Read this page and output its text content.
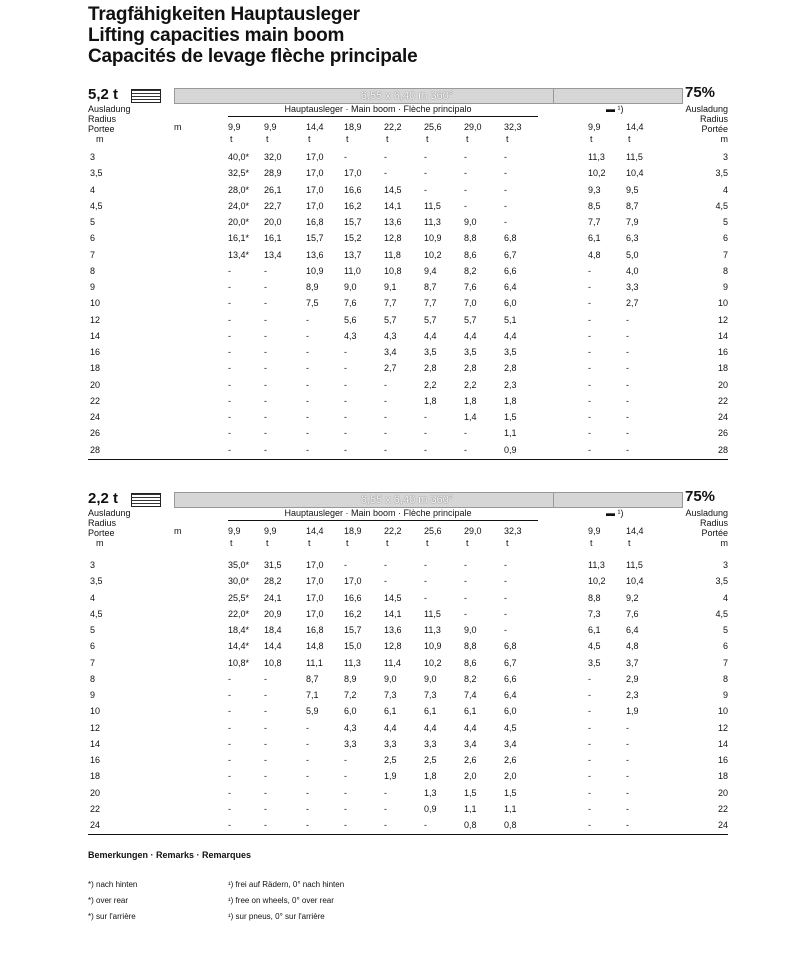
Tragfähigkeiten Hauptausleger
Lifting capacities main boom
Capacités de levage flèche principale
5,2 t	6,55 x 6,40 m 360°	75%
▬ ¹)
Ausladung
Radius
Portee
m
Ausladung
Radius
Portée
m
Hauptausleger · Main boom · Flèche principalo
m	9,9
t
9,9
t
14,4
t
18,9
t
22,2
t
25,6
t
29,0
t
32,3
t
9,9
t
14,4
t
3	40,0*	32,0	17,0	-	-	-	-	-	11,3	11,5	3
3,5	32,5*	28,9	17,0	17,0	-	-	-	-	10,2	10,4	3,5
4	28,0*	26,1	17,0	16,6	14,5	-	-	-	9,3	9,5	4
4,5	24,0*	22,7	17,0	16,2	14,1	11,5	-	-	8,5	8,7	4,5
5	20,0*	20,0	16,8	15,7	13,6	11,3	9,0	-	7,7	7,9	5
6	16,1*	16,1	15,7	15,2	12,8	10,9	8,8	6,8	6,1	6,3	6
7	13,4*	13,4	13,6	13,7	11,8	10,2	8,6	6,7	4,8	5,0	7
8	-	-	10,9	11,0	10,8	9,4	8,2	6,6	-	4,0	8
9	-	-	8,9	9,0	9,1	8,7	7,6	6,4	-	3,3	9
10	-	-	7,5	7,6	7,7	7,7	7,0	6,0	-	2,7	10
12	-	-	-	5,6	5,7	5,7	5,7	5,1	-	-	12
14	-	-	-	4,3	4,3	4,4	4,4	4,4	-	-	14
16	-	-	-	-	3,4	3,5	3,5	3,5	-	-	16
18	-	-	-	-	2,7	2,8	2,8	2,8	-	-	18
20	-	-	-	-	-	2,2	2,2	2,3	-	-	20
22	-	-	-	-	-	1,8	1,8	1,8	-	-	22
24	-	-	-	-	-	-	1,4	1,5	-	-	24
26	-	-	-	-	-	-	-	1,1	-	-	26
28	-	-	-	-	-	-	-	0,9	-	-	28
2,2 t	6,55 x 6,40 m 360°	75%
▬ ¹)
Ausladung
Radius
Portee
m
Ausladung
Radius
Portée
m
Hauptausleger · Main boom · Flèche principale
m	9,9
t
9,9
t
14,4
t
18,9
t
22,2
t
25,6
t
29,0
t
32,3
t
9,9
t
14,4
t
3	35,0*	31,5	17,0	-	-	-	-	-	11,3	11,5	3
3,5	30,0*	28,2	17,0	17,0	-	-	-	-	10,2	10,4	3,5
4	25,5*	24,1	17,0	16,6	14,5	-	-	-	8,8	9,2	4
4,5	22,0*	20,9	17,0	16,2	14,1	11,5	-	-	7,3	7,6	4,5
5	18,4*	18,4	16,8	15,7	13,6	11,3	9,0	-	6,1	6,4	5
6	14,4*	14,4	14,8	15,0	12,8	10,9	8,8	6,8	4,5	4,8	6
7	10,8*	10,8	11,1	11,3	11,4	10,2	8,6	6,7	3,5	3,7	7
8	-	-	8,7	8,9	9,0	9,0	8,2	6,6	-	2,9	8
9	-	-	7,1	7,2	7,3	7,3	7,4	6,4	-	2,3	9
10	-	-	5,9	6,0	6,1	6,1	6,1	6,0	-	1,9	10
12	-	-	-	4,3	4,4	4,4	4,4	4,5	-	-	12
14	-	-	-	3,3	3,3	3,3	3,4	3,4	-	-	14
16	-	-	-	-	2,5	2,5	2,6	2,6	-	-	16
18	-	-	-	-	1,9	1,8	2,0	2,0	-	-	18
20	-	-	-	-	-	1,3	1,5	1,5	-	-	20
22	-	-	-	-	-	0,9	1,1	1,1	-	-	22
24	-	-	-	-	-	-	0,8	0,8	-	-	24
Bemerkungen · Remarks · Remarques
*) nach hinten
*) over rear
*) sur l'arrière
¹) frei auf Rädern, 0° nach hinten
¹) free on wheels, 0° over rear
¹) sur pneus, 0° sur l'arrière
